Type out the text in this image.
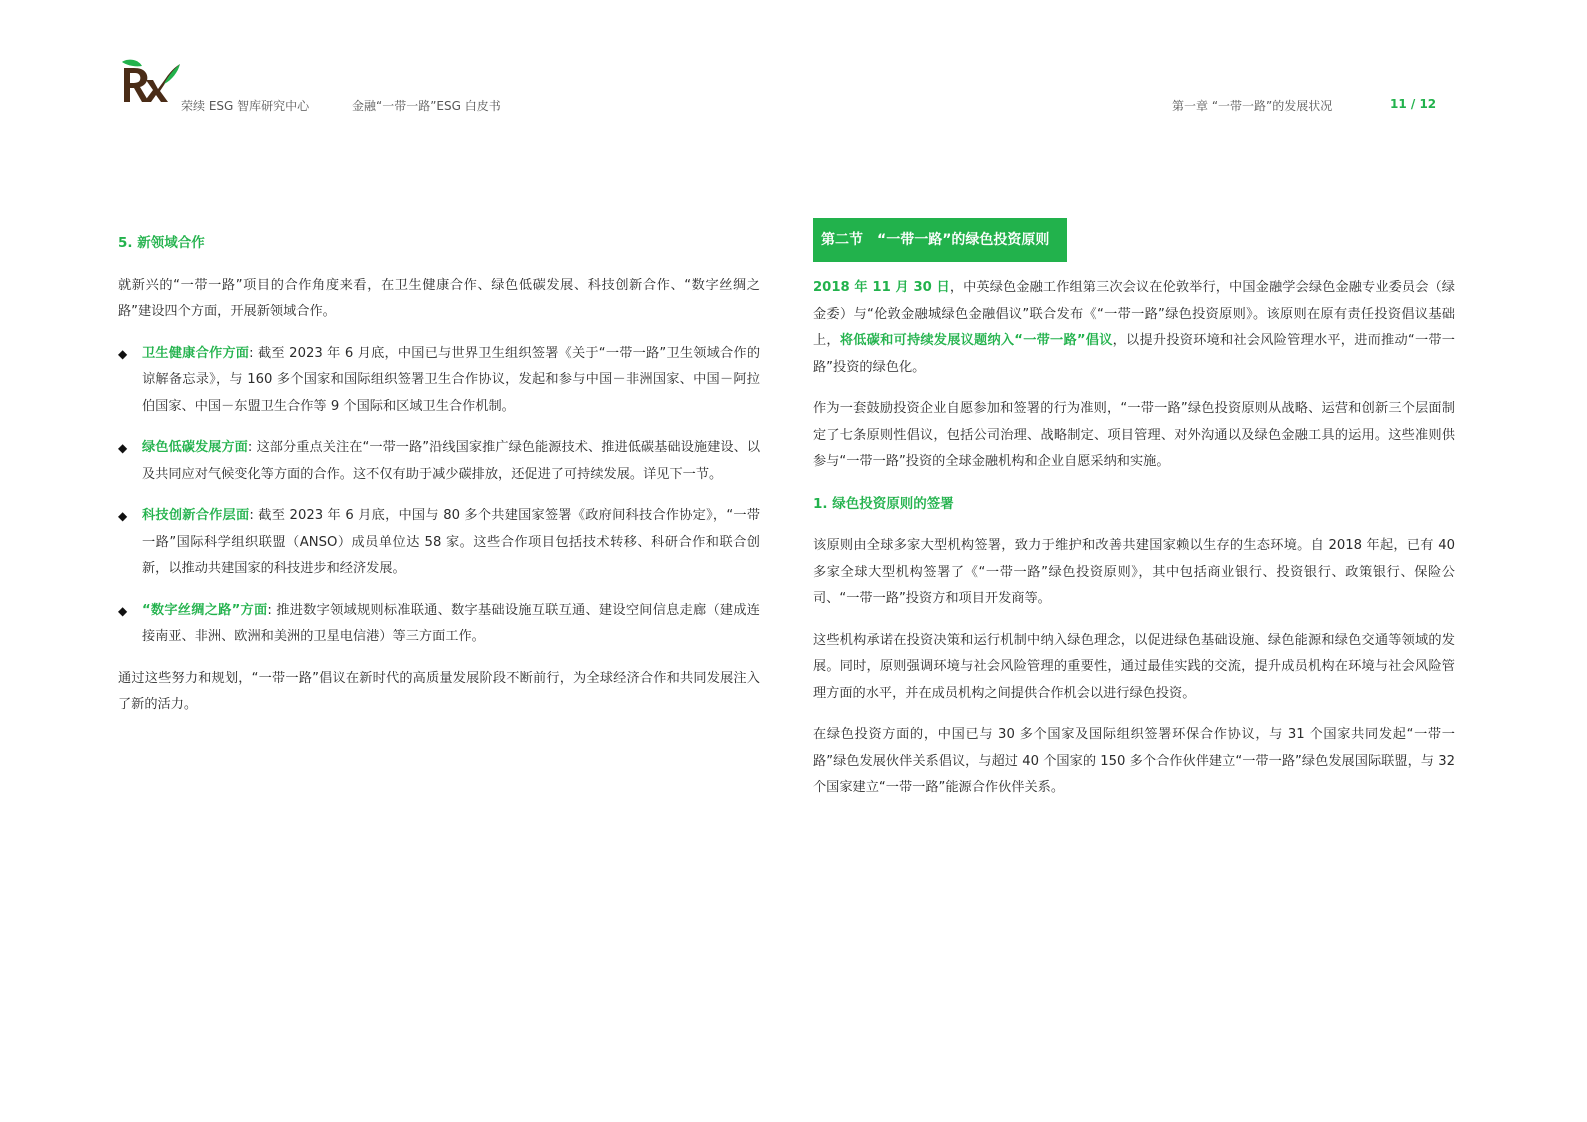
荣续 ESG 智库研究中心	金融“一带一路”ESG 白皮书	第一章 “一带一路”的发展状况	11 / 12

5. 新领域合作

就新兴的“一带一路”项目的合作角度来看，在卫生健康合作、绿色低碳发展、科技创新合作、“数字丝绸之路”建设四个方面，开展新领域合作。

◆ 卫生健康合作方面: 截至 2023 年 6 月底，中国已与世界卫生组织签署《关于“一带一路”卫生领域合作的谅解备忘录》，与 160 多个国家和国际组织签署卫生合作协议，发起和参与中国－非洲国家、中国－阿拉伯国家、中国－东盟卫生合作等 9 个国际和区域卫生合作机制。
◆ 绿色低碳发展方面: 这部分重点关注在“一带一路”沿线国家推广绿色能源技术、推进低碳基础设施建设、以及共同应对气候变化等方面的合作。这不仅有助于减少碳排放，还促进了可持续发展。详见下一节。
◆ 科技创新合作层面: 截至 2023 年 6 月底，中国与 80 多个共建国家签署《政府间科技合作协定》，“一带一路”国际科学组织联盟（ANSO）成员单位达 58 家。这些合作项目包括技术转移、科研合作和联合创新，以推动共建国家的科技进步和经济发展。
◆ “数字丝绸之路”方面: 推进数字领域规则标准联通、数字基础设施互联互通、建设空间信息走廊（建成连接南亚、非洲、欧洲和美洲的卫星电信港）等三方面工作。

通过这些努力和规划，“一带一路”倡议在新时代的高质量发展阶段不断前行，为全球经济合作和共同发展注入了新的活力。

第二节 “一带一路”的绿色投资原则

2018 年 11 月 30 日，中英绿色金融工作组第三次会议在伦敦举行，中国金融学会绿色金融专业委员会（绿金委）与“伦敦金融城绿色金融倡议”联合发布《“一带一路”绿色投资原则》。该原则在原有责任投资倡议基础上，将低碳和可持续发展议题纳入“一带一路”倡议，以提升投资环境和社会风险管理水平，进而推动“一带一路”投资的绿色化。

作为一套鼓励投资企业自愿参加和签署的行为准则，“一带一路”绿色投资原则从战略、运营和创新三个层面制定了七条原则性倡议，包括公司治理、战略制定、项目管理、对外沟通以及绿色金融工具的运用。这些准则供参与“一带一路”投资的全球金融机构和企业自愿采纳和实施。

1. 绿色投资原则的签署

该原则由全球多家大型机构签署，致力于维护和改善共建国家赖以生存的生态环境。自 2018 年起，已有 40 多家全球大型机构签署了《“一带一路”绿色投资原则》，其中包括商业银行、投资银行、政策银行、保险公司、“一带一路”投资方和项目开发商等。

这些机构承诺在投资决策和运行机制中纳入绿色理念，以促进绿色基础设施、绿色能源和绿色交通等领域的发展。同时，原则强调环境与社会风险管理的重要性，通过最佳实践的交流，提升成员机构在环境与社会风险管理方面的水平，并在成员机构之间提供合作机会以进行绿色投资。

在绿色投资方面的，中国已与 30 多个国家及国际组织签署环保合作协议，与 31 个国家共同发起“一带一路”绿色发展伙伴关系倡议，与超过 40 个国家的 150 多个合作伙伴建立“一带一路”绿色发展国际联盟，与 32 个国家建立“一带一路”能源合作伙伴关系。
